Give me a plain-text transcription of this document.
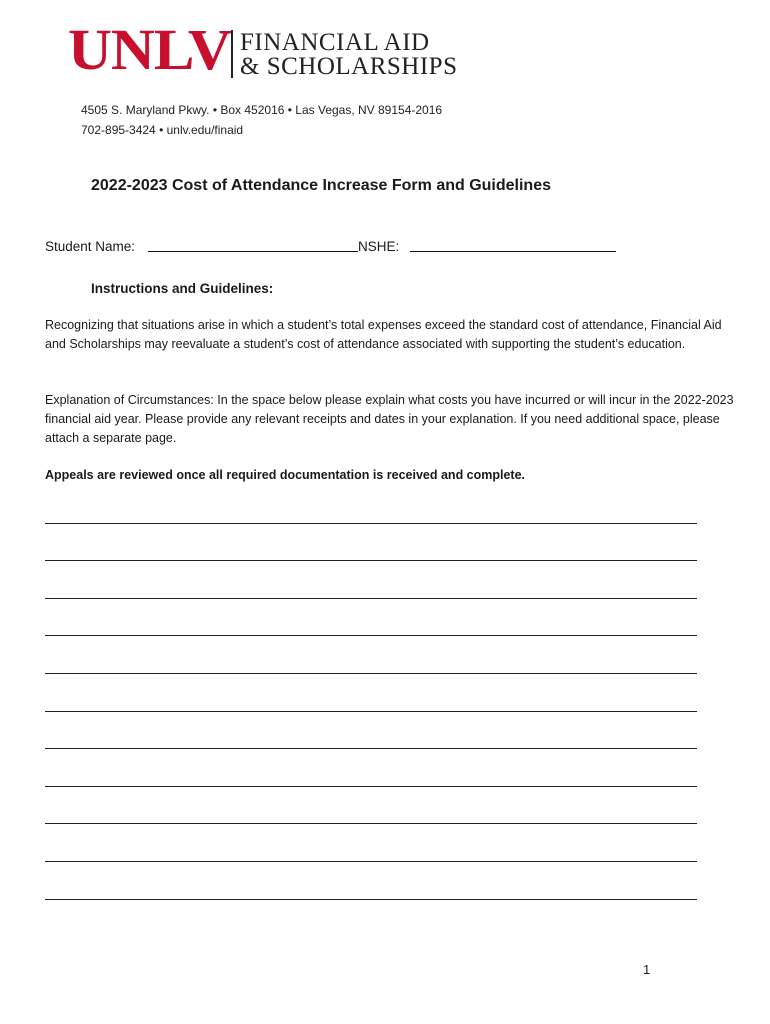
UNLV FINANCIAL AID
& SCHOLARSHIPS
4505 S. Maryland Pkwy. • Box 452016 • Las Vegas, NV 89154-2016
702-895-3424 • unlv.edu/finaid
2022-2023 Cost of Attendance Increase Form and Guidelines
Student Name:	NSHE:
Instructions and Guidelines:

Recognizing that situations arise in which a student’s total expenses exceed the standard cost of attendance, Financial Aid and Scholarships may reevaluate a student’s cost of attendance associated with supporting the student’s education.

Explanation of Circumstances: In the space below please explain what costs you have incurred or will incur in the 2022-2023 financial aid year. Please provide any relevant receipts and dates in your explanation. If you need additional space, please attach a separate page.

Appeals are reviewed once all required documentation is received and complete.

1
